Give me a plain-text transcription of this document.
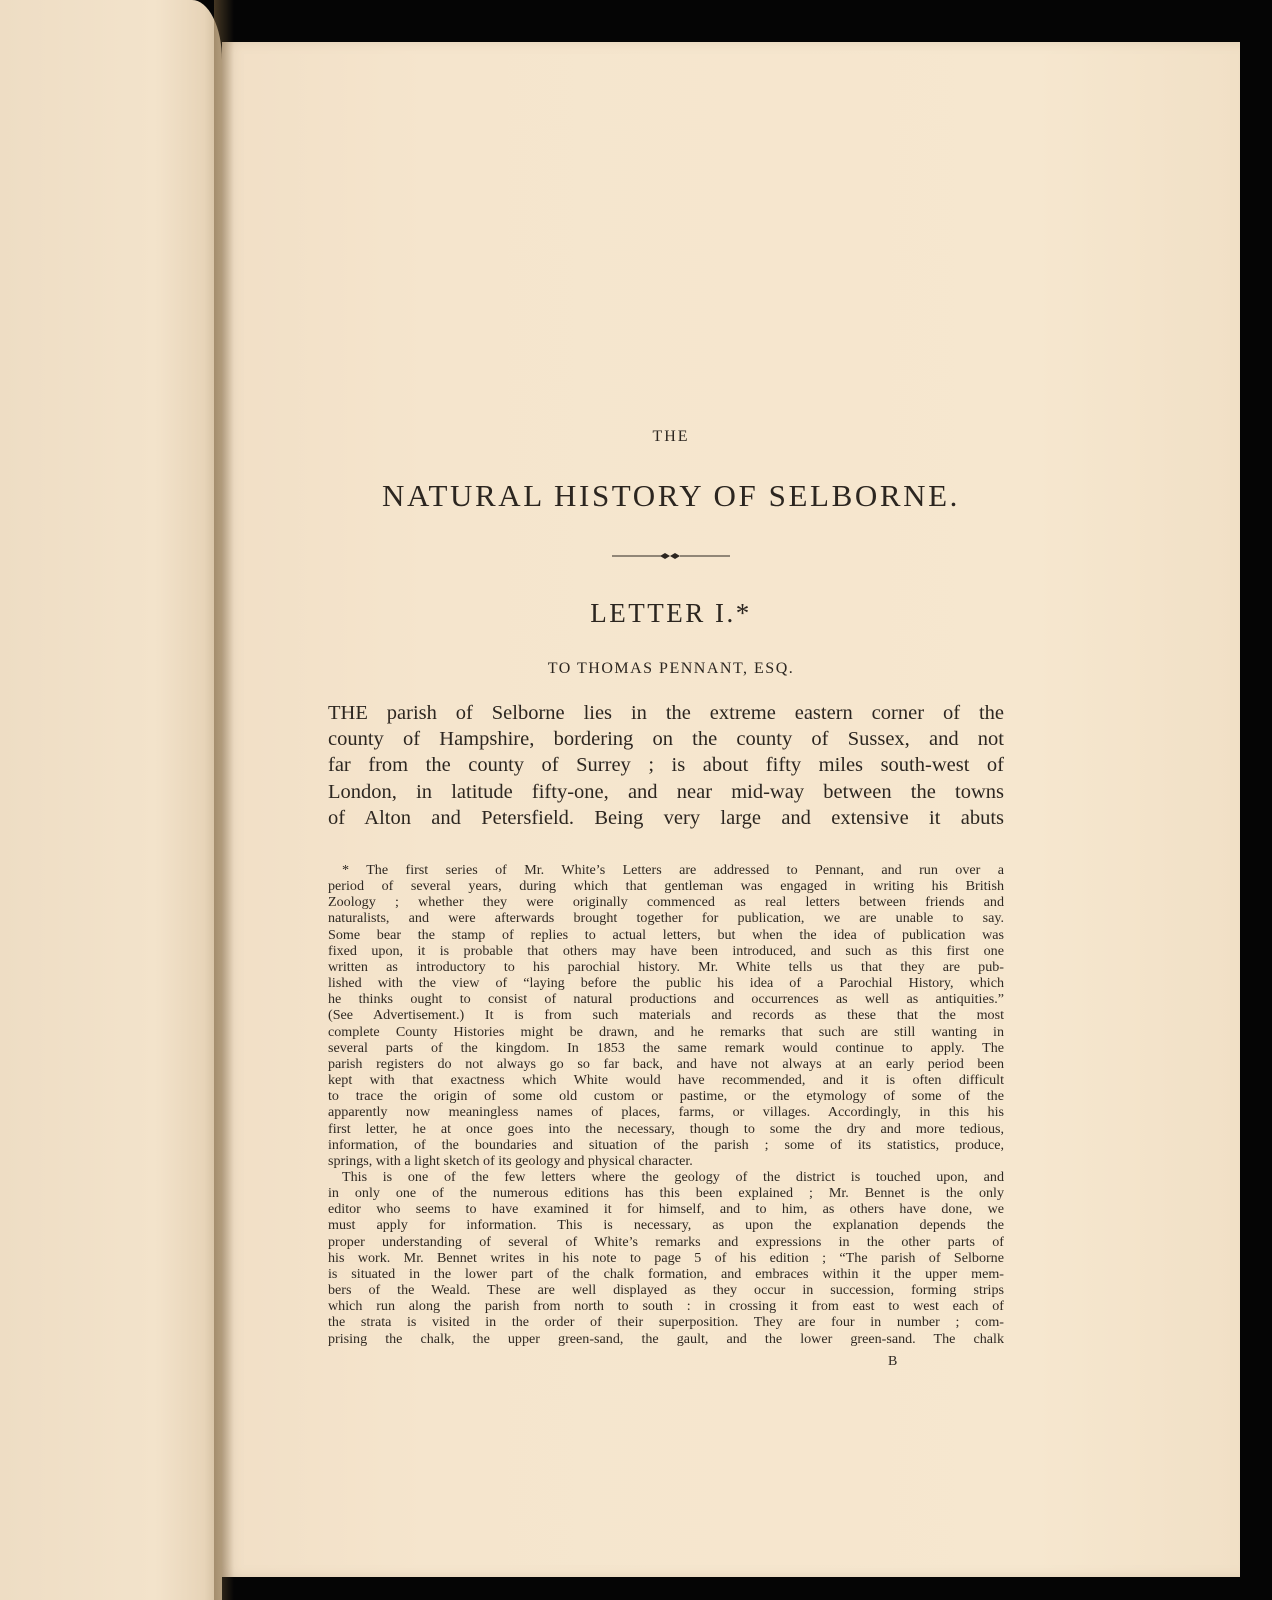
THE
NATURAL HISTORY OF SELBORNE.
LETTER I.*
TO THOMAS PENNANT, ESQ.
THE parish of Selborne lies in the extreme eastern corner of the
county of Hampshire, bordering on the county of Sussex, and not
far from the county of Surrey ; is about fifty miles south-west of
London, in latitude fifty-one, and near mid-way between the towns
of Alton and Petersfield. Being very large and extensive it abuts
* The first series of Mr. White’s Letters are addressed to Pennant, and run over a
period of several years, during which that gentleman was engaged in writing his British
Zoology ; whether they were originally commenced as real letters between friends and
naturalists, and were afterwards brought together for publication, we are unable to say.
Some bear the stamp of replies to actual letters, but when the idea of publication was
fixed upon, it is probable that others may have been introduced, and such as this first one
written as introductory to his parochial history. Mr. White tells us that they are pub-
lished with the view of “laying before the public his idea of a Parochial History, which
he thinks ought to consist of natural productions and occurrences as well as antiquities.”
(See Advertisement.) It is from such materials and records as these that the most
complete County Histories might be drawn, and he remarks that such are still wanting in
several parts of the kingdom. In 1853 the same remark would continue to apply. The
parish registers do not always go so far back, and have not always at an early period been
kept with that exactness which White would have recommended, and it is often difficult
to trace the origin of some old custom or pastime, or the etymology of some of the
apparently now meaningless names of places, farms, or villages. Accordingly, in this his
first letter, he at once goes into the necessary, though to some the dry and more tedious,
information, of the boundaries and situation of the parish ; some of its statistics, produce,
springs, with a light sketch of its geology and physical character.
This is one of the few letters where the geology of the district is touched upon, and
in only one of the numerous editions has this been explained ; Mr. Bennet is the only
editor who seems to have examined it for himself, and to him, as others have done, we
must apply for information. This is necessary, as upon the explanation depends the
proper understanding of several of White’s remarks and expressions in the other parts of
his work. Mr. Bennet writes in his note to page 5 of his edition ; “The parish of Selborne
is situated in the lower part of the chalk formation, and embraces within it the upper mem-
bers of the Weald. These are well displayed as they occur in succession, forming strips
which run along the parish from north to south : in crossing it from east to west each of
the strata is visited in the order of their superposition. They are four in number ; com-
prising the chalk, the upper green-sand, the gault, and the lower green-sand. The chalk
B
